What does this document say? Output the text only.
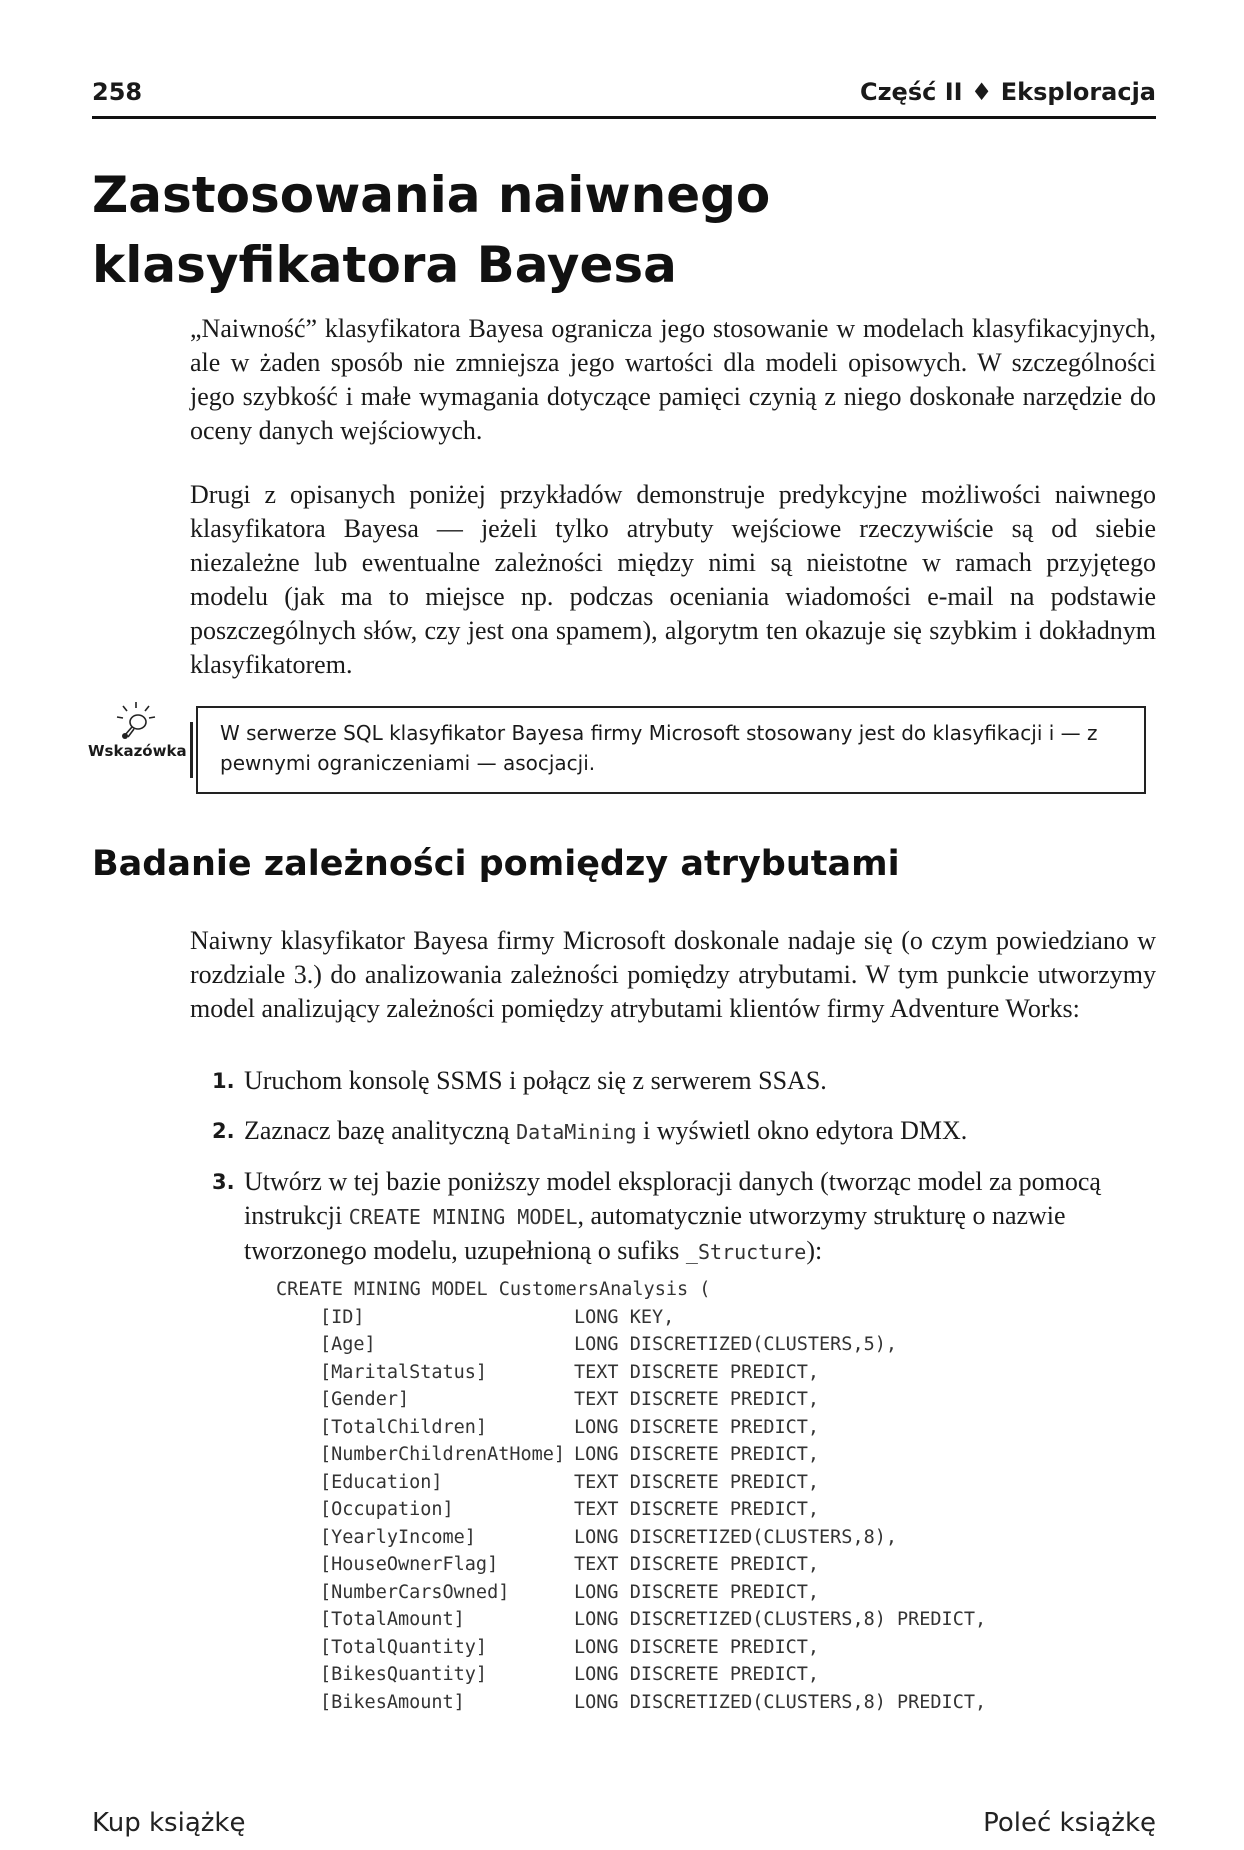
258	Część II ♦ Eksploracja
Zastosowania naiwnego
klasyfikatora Bayesa

„Naiwność” klasyfikatora Bayesa ogranicza jego stosowanie w modelach klasyfikacyjnych, ale w żaden sposób nie zmniejsza jego wartości dla modeli opisowych. W szczególności jego szybkość i małe wymagania dotyczące pamięci czynią z niego doskonałe narzędzie do oceny danych wejściowych.

Drugi z opisanych poniżej przykładów demonstruje predykcyjne możliwości naiwnego klasyfikatora Bayesa — jeżeli tylko atrybuty wejściowe rzeczywiście są od siebie niezależne lub ewentualne zależności między nimi są nieistotne w ramach przyjętego modelu (jak ma to miejsce np. podczas oceniania wiadomości e-mail na podstawie poszczególnych słów, czy jest ona spamem), algorytm ten okazuje się szybkim i dokładnym klasyfikatorem.

Wskazówka
W serwerze SQL klasyfikator Bayesa firmy Microsoft stosowany jest do klasyfikacji i — z pewnymi ograniczeniami — asocjacji.
Badanie zależności pomiędzy atrybutami

Naiwny klasyfikator Bayesa firmy Microsoft doskonale nadaje się (o czym powiedziano w rozdziale 3.) do analizowania zależności pomiędzy atrybutami. W tym punkcie utworzymy model analizujący zależności pomiędzy atrybutami klientów firmy Adventure Works:

1. Uruchom konsolę SSMS i połącz się z serwerem SSAS.
2. Zaznacz bazę analityczną DataMining i wyświetl okno edytora DMX.
3. Utwórz w tej bazie poniższy model eksploracji danych (tworząc model za pomocą instrukcji CREATE MINING MODEL, automatycznie utworzymy strukturę o nazwie tworzonego modelu, uzupełnioną o sufiks _Structure):
CREATE MINING MODEL CustomersAnalysis (
[ID]	LONG KEY,
[Age]	LONG DISCRETIZED(CLUSTERS,5),
[MaritalStatus]	TEXT DISCRETE PREDICT,
[Gender]	TEXT DISCRETE PREDICT,
[TotalChildren]	LONG DISCRETE PREDICT,
[NumberChildrenAtHome] LONG DISCRETE PREDICT,
[Education]	TEXT DISCRETE PREDICT,
[Occupation]	TEXT DISCRETE PREDICT,
[YearlyIncome]	LONG DISCRETIZED(CLUSTERS,8),
[HouseOwnerFlag]	TEXT DISCRETE PREDICT,
[NumberCarsOwned]	LONG DISCRETE PREDICT,
[TotalAmount]	LONG DISCRETIZED(CLUSTERS,8) PREDICT,
[TotalQuantity]	LONG DISCRETE PREDICT,
[BikesQuantity]	LONG DISCRETE PREDICT,
[BikesAmount]	LONG DISCRETIZED(CLUSTERS,8) PREDICT,
Kup książkę	Poleć książkę
